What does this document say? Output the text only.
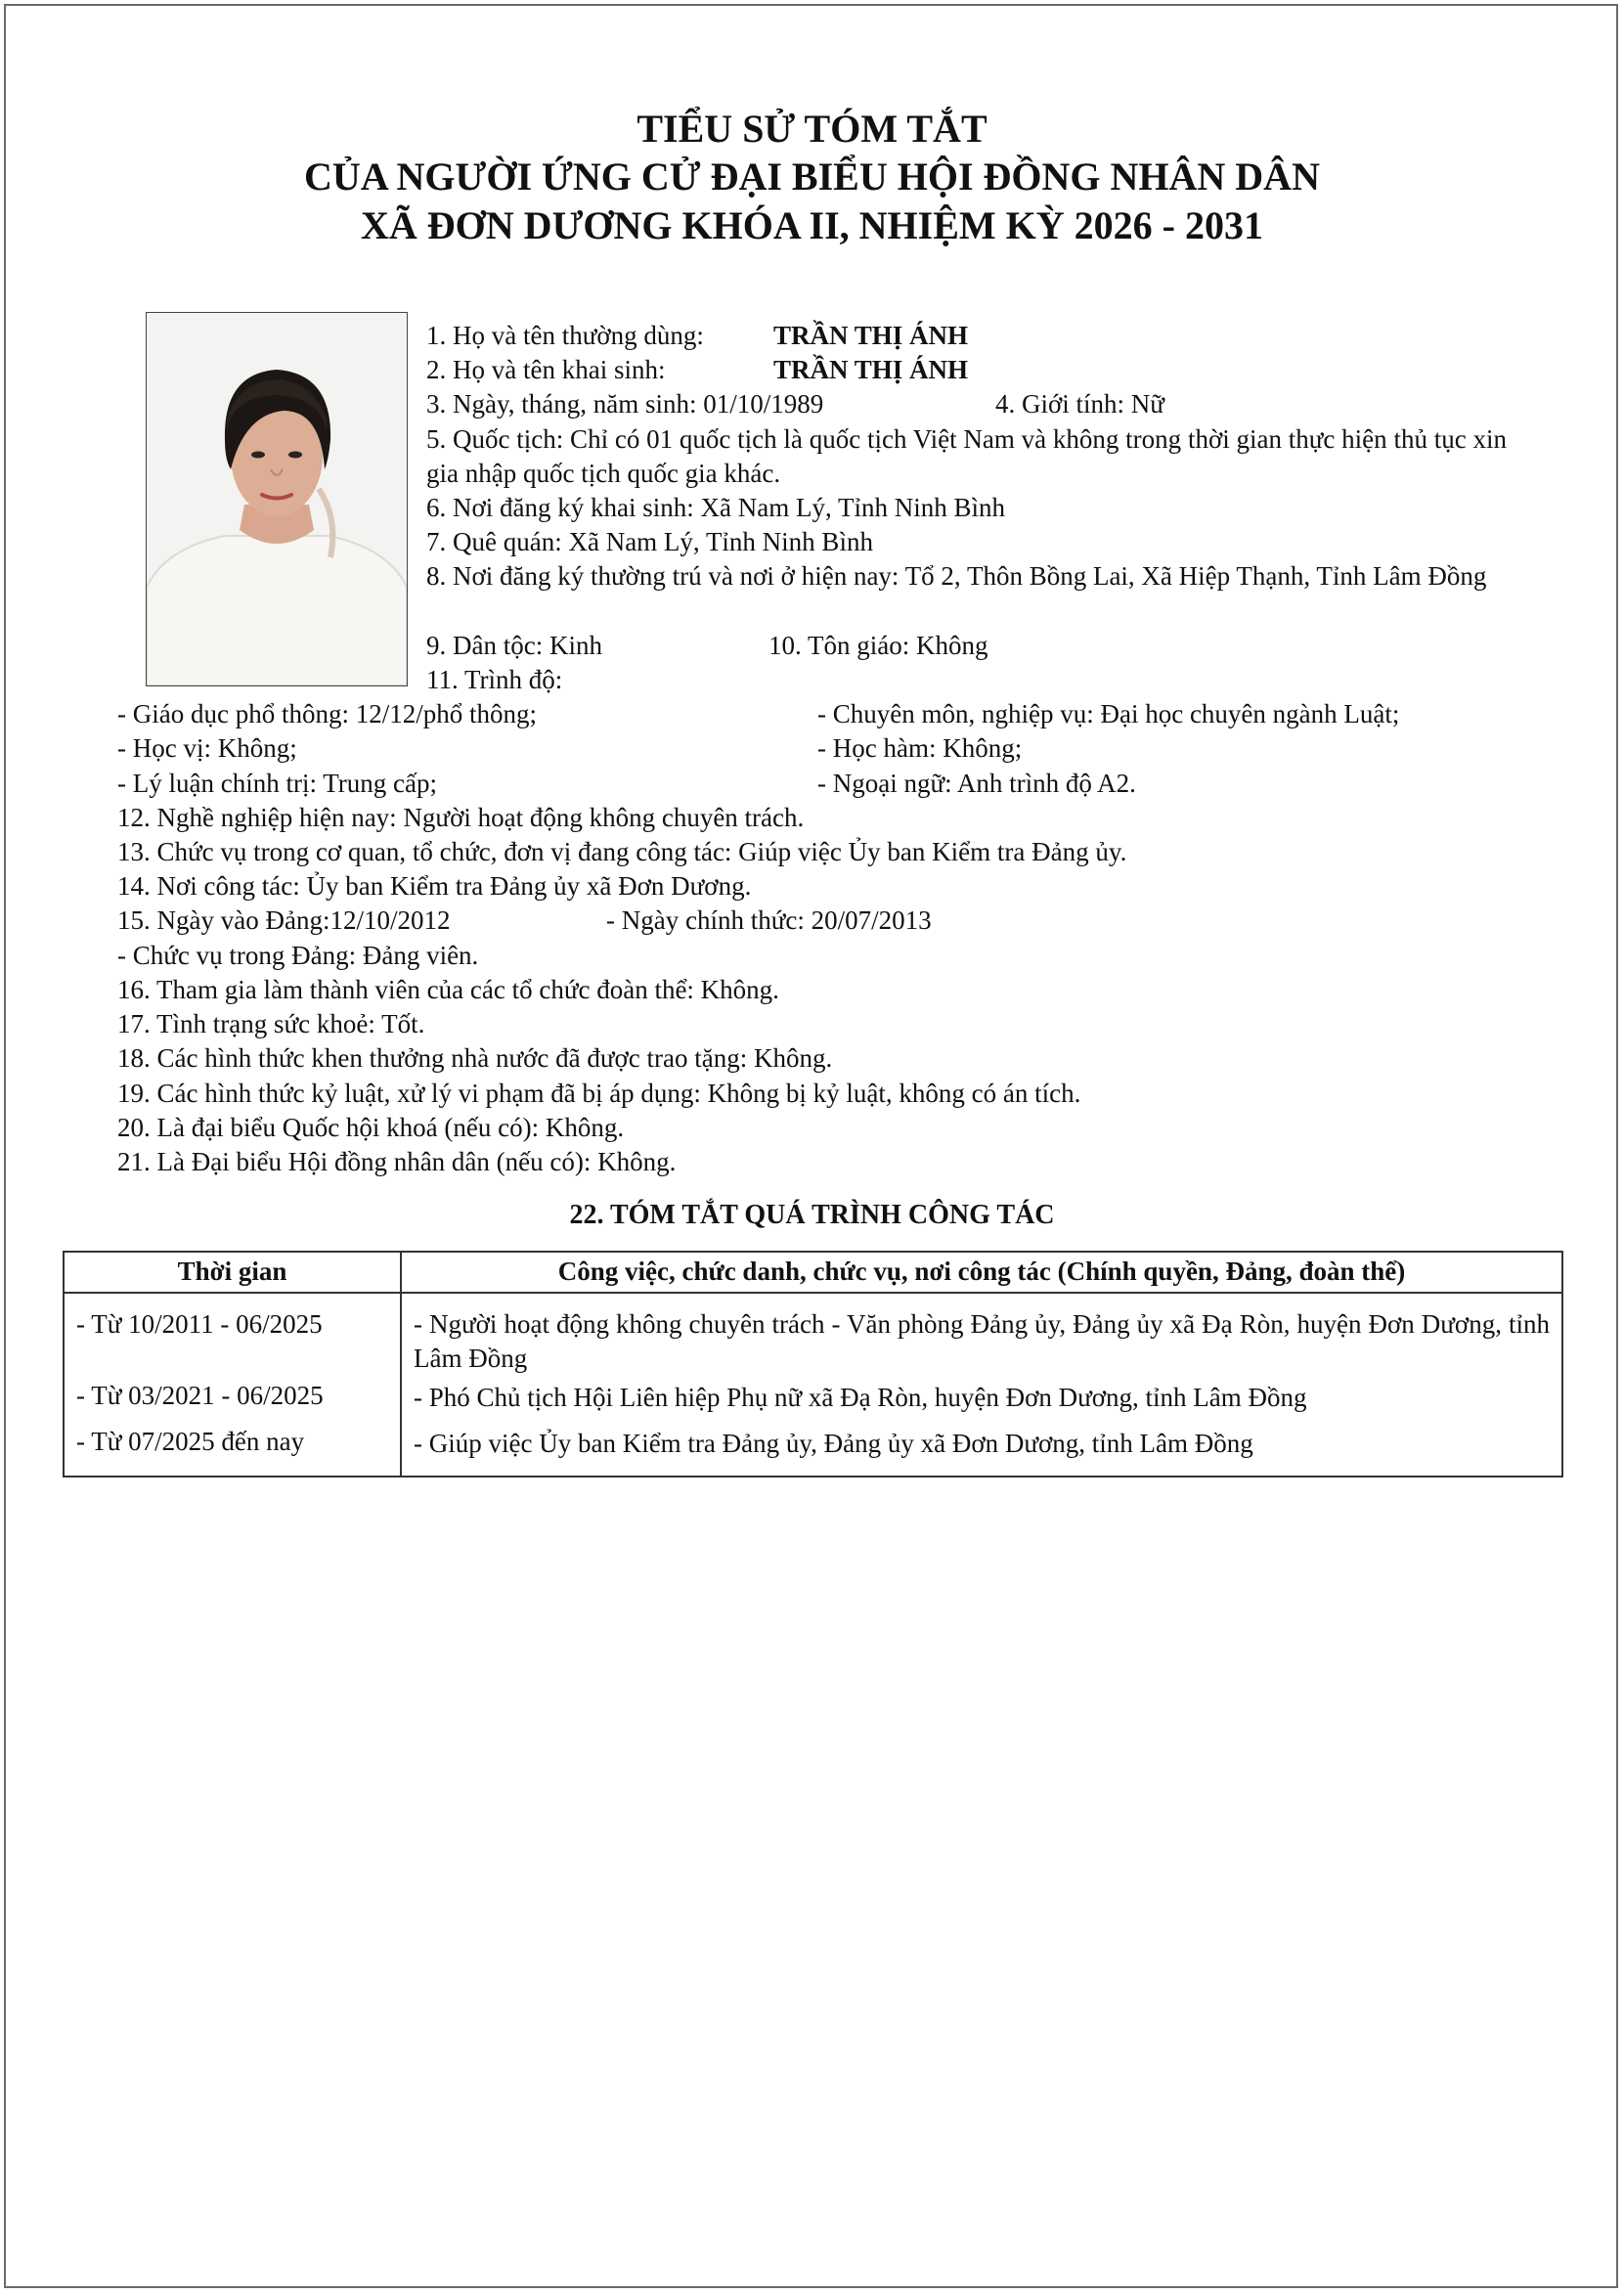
TIỂU SỬ TÓM TẮT
CỦA NGƯỜI ỨNG CỬ ĐẠI BIỂU HỘI ĐỒNG NHÂN DÂN
XÃ ĐƠN DƯƠNG KHÓA II, NHIỆM KỲ 2026 - 2031
1. Họ và tên thường dùng:	TRẦN THỊ ÁNH
2. Họ và tên khai sinh:	TRẦN THỊ ÁNH
3. Ngày, tháng, năm sinh: 01/10/1989	4. Giới tính: Nữ
5. Quốc tịch: Chỉ có 01 quốc tịch là quốc tịch Việt Nam và không trong thời gian thực hiện thủ tục xin gia nhập quốc tịch quốc gia khác.
6. Nơi đăng ký khai sinh: Xã Nam Lý, Tỉnh Ninh Bình
7. Quê quán: Xã Nam Lý, Tỉnh Ninh Bình
8. Nơi đăng ký thường trú và nơi ở hiện nay: Tổ 2, Thôn Bồng Lai, Xã Hiệp Thạnh, Tỉnh Lâm Đồng
9. Dân tộc: Kinh	10. Tôn giáo: Không
11. Trình độ:
- Giáo dục phổ thông: 12/12/phổ thông;	- Chuyên môn, nghiệp vụ: Đại học chuyên ngành Luật;
- Học vị: Không;	- Học hàm: Không;
- Lý luận chính trị: Trung cấp;	- Ngoại ngữ: Anh trình độ A2.
12. Nghề nghiệp hiện nay: Người hoạt động không chuyên trách.
13. Chức vụ trong cơ quan, tổ chức, đơn vị đang công tác: Giúp việc Ủy ban Kiểm tra Đảng ủy.
14. Nơi công tác: Ủy ban Kiểm tra Đảng ủy xã Đơn Dương.
15. Ngày vào Đảng:12/10/2012	- Ngày chính thức: 20/07/2013
- Chức vụ trong Đảng: Đảng viên.
16. Tham gia làm thành viên của các tổ chức đoàn thể: Không.
17. Tình trạng sức khoẻ: Tốt.
18. Các hình thức khen thưởng nhà nước đã được trao tặng: Không.
19. Các hình thức kỷ luật, xử lý vi phạm đã bị áp dụng: Không bị kỷ luật, không có án tích.
20. Là đại biểu Quốc hội khoá (nếu có): Không.
21. Là Đại biểu Hội đồng nhân dân (nếu có): Không.
22. TÓM TẮT QUÁ TRÌNH CÔNG TÁC
Thời gian	Công việc, chức danh, chức vụ, nơi công tác (Chính quyền, Đảng, đoàn thể)
- Từ 10/2011 - 06/2025	- Người hoạt động không chuyên trách - Văn phòng Đảng ủy, Đảng ủy xã Đạ Ròn, huyện Đơn Dương, tỉnh Lâm Đồng
- Từ 03/2021 - 06/2025	- Phó Chủ tịch Hội Liên hiệp Phụ nữ xã Đạ Ròn, huyện Đơn Dương, tỉnh Lâm Đồng
- Từ 07/2025 đến nay	- Giúp việc Ủy ban Kiểm tra Đảng ủy, Đảng ủy xã Đơn Dương, tỉnh Lâm Đồng
